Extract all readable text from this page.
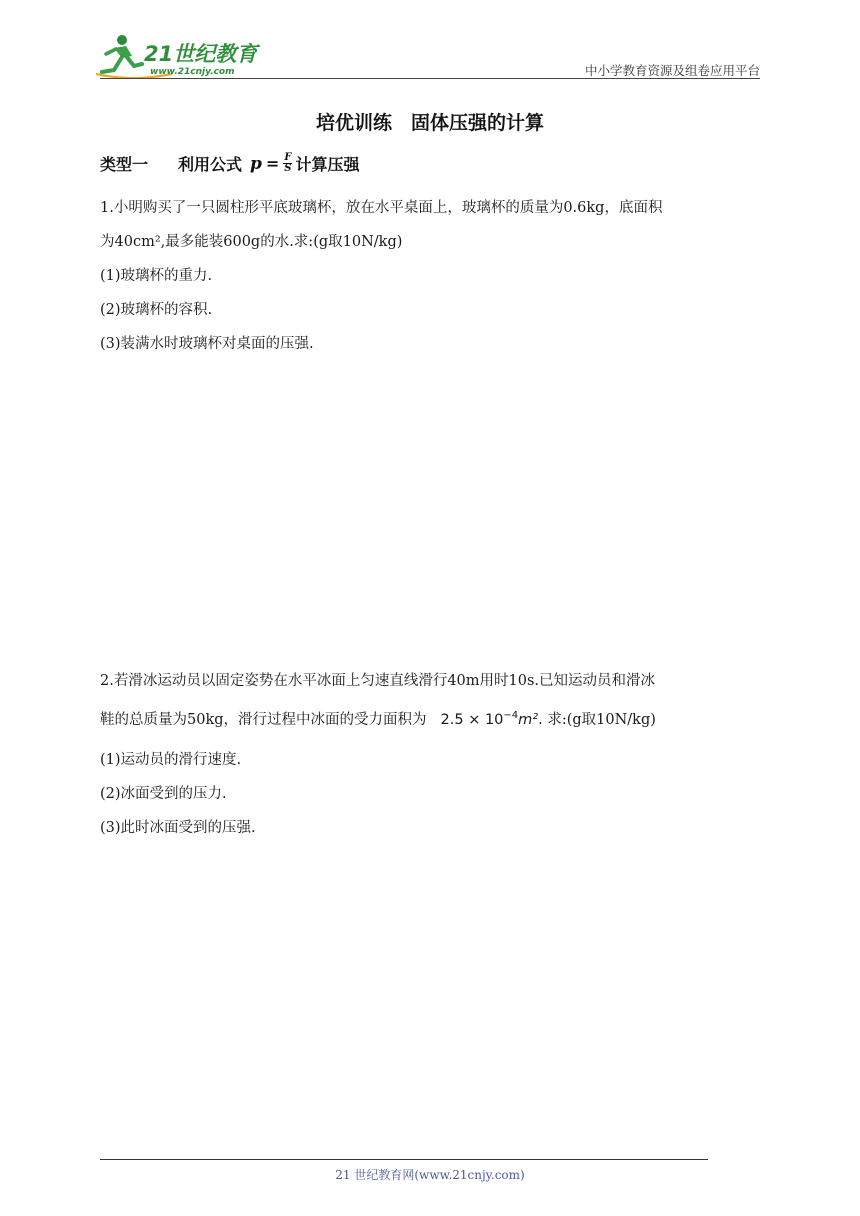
21世纪教育
www.21cnjy.com	中小学教育资源及组卷应用平台
培优训练　固体压强的计算
类型一 利用公式 $p = \frac{F}{S}$ 计算压强
1.小明购买了一只圆柱形平底玻璃杯，放在水平桌面上，玻璃杯的质量为0.6kg，底面积
为40cm²,最多能装600g的水.求:(g取10N/kg)
(1)玻璃杯的重力.
(2)玻璃杯的容积.
(3)装满水时玻璃杯对桌面的压强.
2.若滑冰运动员以固定姿势在水平冰面上匀速直线滑行40m用时10s.已知运动员和滑冰
鞋的总质量为50kg，滑行过程中冰面的受力面积为 $2.5 \times 10^{-4}m^2$. 求:(g取10N/kg)
(1)运动员的滑行速度.
(2)冰面受到的压力.
(3)此时冰面受到的压强.
21 世纪教育网(www.21cnjy.com)
